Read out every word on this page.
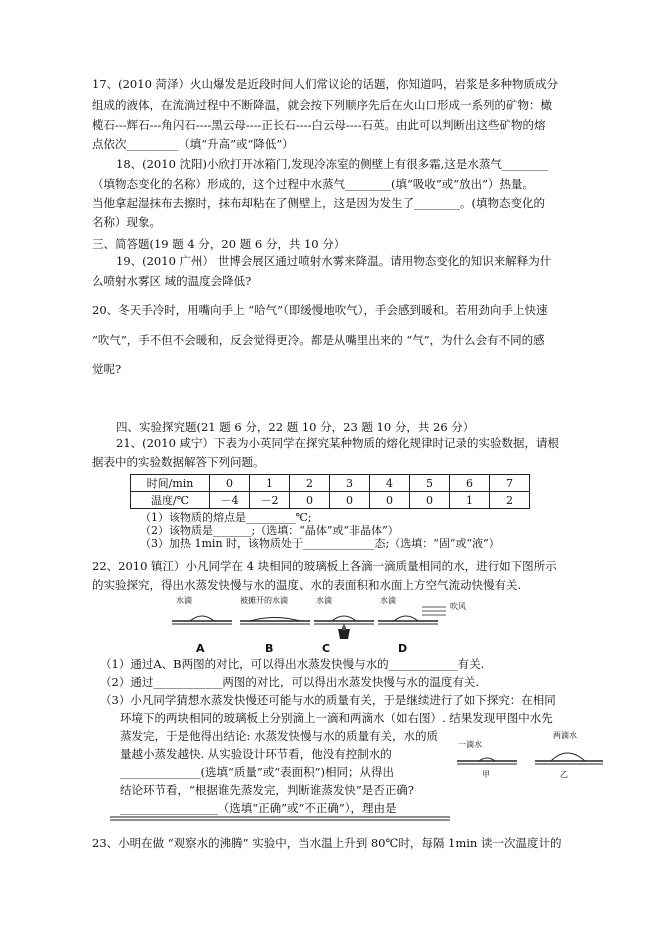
17、(2010 菏泽）火山爆发是近段时间人们常议论的话题，你知道吗，岩浆是多种物质成分
组成的液体，在流淌过程中不断降温，就会按下列顺序先后在火山口形成一系列的矿物：橄
榄石---辉石---角闪石----黑云母----正长石----白云母----石英。由此可以判断出这些矿物的熔
点依次_________（填“升高”或“降低”）
18、(2010 沈阳)小欣打开冰箱门,发现冷冻室的侧壁上有很多霜,这是水蒸气________
（填物态变化的名称）形成的，这个过程中水蒸气________(填“吸收”或“放出”）热量。
当他拿起湿抹布去擦时，抹布却粘在了侧壁上，这是因为发生了________。(填物态变化的
名称）现象。
三、简答题(19 题 4 分，20 题 6 分，共 10 分）
19、(2010 广州） 世博会展区通过喷射水雾来降温。请用物态变化的知识来解释为什
么喷射水雾区 域的温度会降低?
20、冬天手冷时，用嘴向手上 “哈气”（即缓慢地吹气），手会感到暖和。若用劲向手上快速
“吹气”，手不但不会暖和，反会觉得更冷。都是从嘴里出来的 “气”，为什么会有不同的感
觉呢?
四、实验探究题(21 题 6 分，22 题 10 分，23 题 10 分，共 26 分）
21、(2010 咸宁）下表为小英同学在探究某种物质的熔化规律时记录的实验数据，请根
据表中的实验数据解答下列问题。
时间/min	0	1	2	3	4	5	6	7
温度/℃	－4	－2	0	0	0	0	1	2
（1）该物质的熔点是_________℃;
（2）该物质是_______;（选填：“晶体”或“非晶体”）
（3）加热 1min 时，该物质处于_____________态;（选填：“固”或“液”）
22、2010 镇江）小凡同学在 4 块相同的玻璃板上各滴一滴质量相同的水，进行如下图所示
的实验探究，得出水蒸发快慢与水的温度、水的表面积和水面上方空气流动快慢有关.
水滴	被摊开的水滴	水滴	水滴
吹风
A	B	C	D
（1）通过A、B两图的对比，可以得出水蒸发快慢与水的____________有关.
（2）通过____________两图的对比，可以得出水蒸发快慢与水的温度有关.
（3）小凡同学猜想水蒸发快慢还可能与水的质量有关，于是继续进行了如下探究：在相同
环境下的两块相同的玻璃板上分别滴上一滴和两滴水（如右图）. 结果发现甲图中水先
蒸发完，于是他得出结论: 水蒸发快慢与水的质量有关，水的质
量越小蒸发越快. 从实验设计环节看，他没有控制水的
______________(选填“质量”或“表面积”)相同；从得出
结论环节看，“根据谁先蒸发完，判断谁蒸发快”是否正确?
_________________（选填“正确”或“不正确”），理由是
一滴水
两滴水
甲	乙
23、小明在做 “观察水的沸腾” 实验中，当水温上升到 80℃时，每隔 1min 读一次温度计的
